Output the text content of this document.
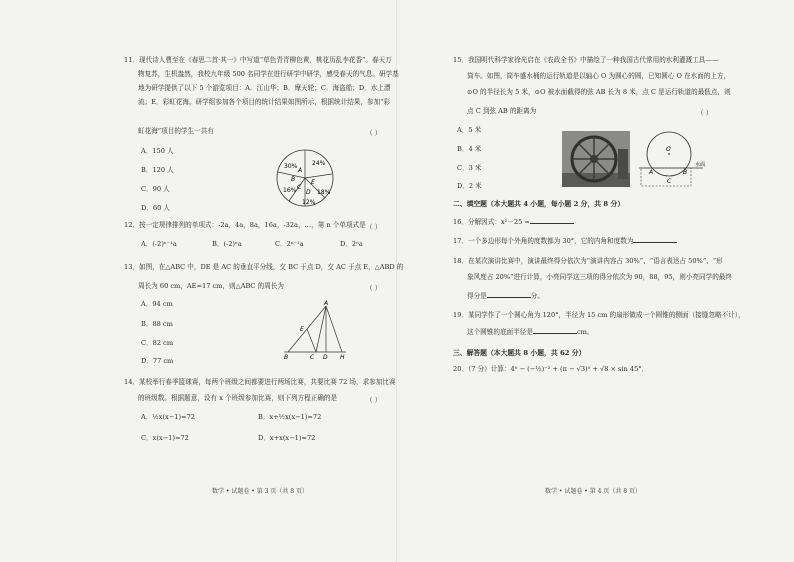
11．现代诗人曹至在《春思二首·其一》中写道“草色青青柳色黄，桃花历乱李花香”。春天万
物复苏，生机盎然，我校九年级 500 名同学在进行研学中研学，感受春天的气息。研学基
地为研学提供了以下 5 个游览项目：A．江山华；B．摩天轮；C．海盗船；D．水上漂
流；E．彩虹花海。研学组参加各个项目的统计结果如图所示，根据统计结果，参加“彩
虹花海”项目的学生一共有	（ ）
A．150 人
B．120 人
C．90 人
D．60 人
30% 24%
A
B	E
C
D
16%	18%
12%
12．按一定规律排列的单项式：-2a，4a，8a，16a，-32a，…，第 n 个单项式是 （ ）
A．(-2)ⁿ⁻¹a	B．(-2)ⁿa	C．2ⁿ⁻¹a	D．2ⁿa
13．如图，在△ABC 中，DE 是 AC 的垂直平分线，交 BC 于点 D，交 AC 于点 E，△ABD 的
周长为 60 cm，AE=17 cm，则△ABC 的周长为	（ ）
A．94 cm
B．88 cm
C．82 cm
D．77 cm
A
E
B	C D H
14．某校举行春季篮球赛，每两个班级之间都要进行两场比赛，共要比赛 72 场，求参加比赛
的班级数。根据题意，设有 x 个班级参加比赛，则下列方程正确的是	（ ）
A．½x(x−1)=72	B．x+½x(x−1)=72
C．x(x−1)=72	D．x+x(x−1)=72
数学 • 试题卷 • 第 3 页（共 8 页）
15．我国明代科学家徐光启在《农政全书》中描绘了一种我国古代常用的水利灌溉工具——
筒车。如图，筒车盛水桶的运行轨道是以轴心 O 为圆心的圆，已知圆心 O 在水面的上方，
⊙O 的半径长为 5 米，⊙O 被水面截得的弦 AB 长为 8 米，点 C 是运行轨道的最低点，则
点 C 到弦 AB 的距离为	（ ）
A．5 米
B．4 米
C．3 米
D．2 米
O
A	B
C
水面
二、填空题（本大题共 4 小题，每小题 2 分，共 8 分）
16．分解因式：x²－25 =
17．一个多边形每个外角的度数都为 30°，它的内角和度数为
18．在某次演讲比赛中，演讲最终得分依次为“演讲内容占 30%”、“语言表达占 50%”、“形
象风度占 20%”进行计算，小亮同学这三项的得分依次为 90，88，95，则小亮同学的最终
得分是	分。
19．某同学作了一个圆心角为 120°，半径为 15 cm 的扇形做成一个圆锥的侧面（接缝忽略不计），
这个圆锥的底面半径是	cm。
三、解答题（本大题共 8 小题，共 62 分）
20．（7 分）计算：4⁰ − (−½)⁻² + (π − √3)⁰ + √8 × sin 45°．
数学 • 试题卷 • 第 4 页（共 8 页）
